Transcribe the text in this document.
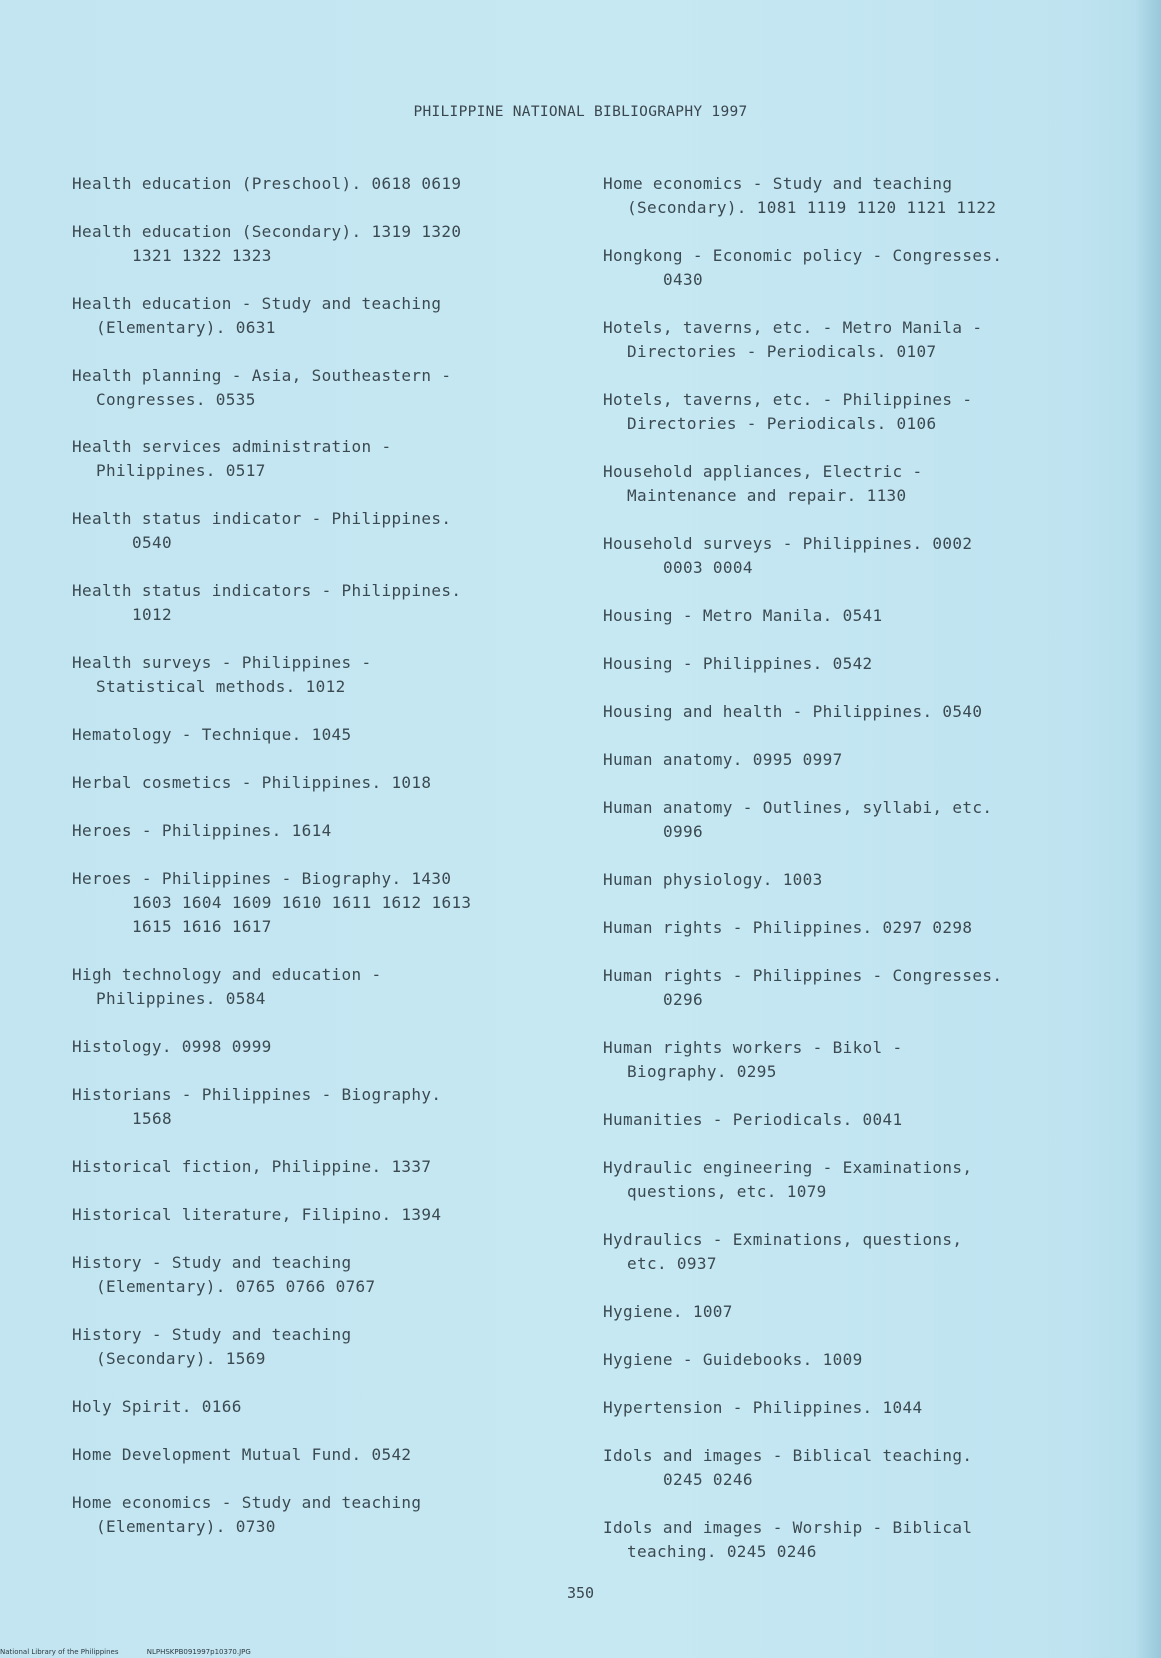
PHILIPPINE NATIONAL BIBLIOGRAPHY 1997
Health education (Preschool). 0618 0619
Health education (Secondary). 1319 1320
1321 1322 1323
Health education - Study and teaching
(Elementary). 0631
Health planning - Asia, Southeastern -
Congresses. 0535
Health services administration -
Philippines. 0517
Health status indicator - Philippines.
0540
Health status indicators - Philippines.
1012
Health surveys - Philippines -
Statistical methods. 1012
Hematology - Technique. 1045
Herbal cosmetics - Philippines. 1018
Heroes - Philippines. 1614
Heroes - Philippines - Biography. 1430
1603 1604 1609 1610 1611 1612 1613
1615 1616 1617
High technology and education -
Philippines. 0584
Histology. 0998 0999
Historians - Philippines - Biography.
1568
Historical fiction, Philippine. 1337
Historical literature, Filipino. 1394
History - Study and teaching
(Elementary). 0765 0766 0767
History - Study and teaching
(Secondary). 1569
Holy Spirit. 0166
Home Development Mutual Fund. 0542
Home economics - Study and teaching
(Elementary). 0730
Home economics - Study and teaching
(Secondary). 1081 1119 1120 1121 1122
Hongkong - Economic policy - Congresses.
0430
Hotels, taverns, etc. - Metro Manila -
Directories - Periodicals. 0107
Hotels, taverns, etc. - Philippines -
Directories - Periodicals. 0106
Household appliances, Electric -
Maintenance and repair. 1130
Household surveys - Philippines. 0002
0003 0004
Housing - Metro Manila. 0541
Housing - Philippines. 0542
Housing and health - Philippines. 0540
Human anatomy. 0995 0997
Human anatomy - Outlines, syllabi, etc.
0996
Human physiology. 1003
Human rights - Philippines. 0297 0298
Human rights - Philippines - Congresses.
0296
Human rights workers - Bikol -
Biography. 0295
Humanities - Periodicals. 0041
Hydraulic engineering - Examinations,
questions, etc. 1079
Hydraulics - Exminations, questions,
etc. 0937
Hygiene. 1007
Hygiene - Guidebooks. 1009
Hypertension - Philippines. 1044
Idols and images - Biblical teaching.
0245 0246
Idols and images - Worship - Biblical
teaching. 0245 0246
350
National Library of the Philippines	NLPHSKPB091997p10370.JPG
